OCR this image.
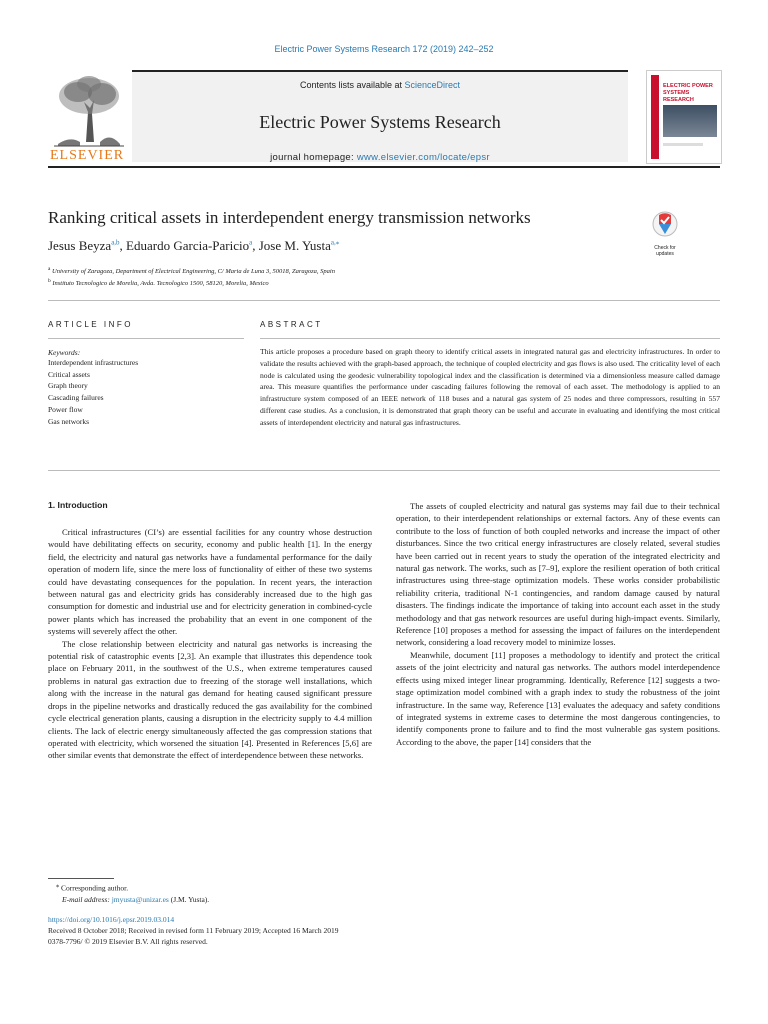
Electric Power Systems Research 172 (2019) 242–252
ELSEVIER
Contents lists available at ScienceDirect
Electric Power Systems Research
journal homepage: www.elsevier.com/locate/epsr
ELECTRIC POWER
SYSTEMS RESEARCH
Ranking critical assets in interdependent energy transmission networks
Check for updates
Jesus Beyza$^{a,b}$, Eduardo Garcia-Paricio$^a$, Jose M. Yusta$^{a,⁎}$
$^a$ University of Zaragoza, Department of Electrical Engineering, C/ Maria de Luna 3, 50018, Zaragoza, Spain
$^b$ Instituto Tecnologico de Morelia, Avda. Tecnologico 1500, 58120, Morelia, Mexico
ARTICLE INFO	ABSTRACT
Keywords:
Interdependent infrastructures
Critical assets
Graph theory
Cascading failures
Power flow
Gas networks
This article proposes a procedure based on graph theory to identify critical assets in integrated natural gas and electricity infrastructures. In order to validate the results achieved with the graph-based approach, the technique of coupled electricity and gas flows is also used. The criticality level of each node is calculated using the geodesic vulnerability topological index and the classification is determined via a dimensionless measure called damage area. This measure quantifies the performance under cascading failures following the removal of each asset. The methodology is applied to an infrastructure system composed of an IEEE network of 118 buses and a natural gas system of 25 nodes and three compressors, resulting in 557 different case studies. As a conclusion, it is demonstrated that graph theory can be useful and accurate in evaluating and identifying the most critical assets of interdependent electricity and natural gas infrastructures.
1. Introduction

Critical infrastructures (CI’s) are essential facilities for any country whose destruction would have debilitating effects on security, economy and public health [1]. In the energy field, the electricity and natural gas networks have a fundamental performance for the daily operation of modern life, since the mere loss of functionality of either of these two systems could have devastating consequences for the population. In recent years, the interaction between natural gas and electricity grids has considerably increased due to the high gas consumption for domestic and industrial use and for electricity generation in combined-cycle power plants which has increased the probability that an event in one component of the systems will severely affect the other.

The close relationship between electricity and natural gas networks is increasing the potential risk of catastrophic events [2,3]. An example that illustrates this dependence took place on February 2011, in the southwest of the U.S., when extreme temperatures caused problems in natural gas extraction due to freezing of the storage well installations, which along with the increase in the natural gas demand for heating caused significant pressure drops in the pipeline networks and drastically reduced the gas availability for the combined cycle electrical generation plants, causing a disruption in the electricity supply to 4.4 million clients. The lack of electric energy simultaneously affected the gas compression stations that operated with electricity, which worsened the situation [4]. Presented in References [5,6] are other similar events that demonstrate the effect of interdependence between these networks.

The assets of coupled electricity and natural gas systems may fail due to their technical operation, to their interdependent relationships or external factors. Any of these events can contribute to the loss of function of both coupled networks and increase the impact of other disturbances. Since the two critical energy infrastructures are closely related, several studies have been carried out in recent years to study the operation of the integrated electricity and natural gas network. The works, such as [7–9], explore the resilient operation of both critical infrastructures using three-stage optimization models. These works consider probabilistic reliability criteria, traditional N-1 contingencies, and random damage caused by natural disasters. The findings indicate the importance of taking into account each asset in the study methodology and that gas network resources are useful during high-impact events. Similarly, Reference [10] proposes a method for assessing the impact of failures on the interdependent network, considering a load recovery model to minimize losses.

Meanwhile, document [11] proposes a methodology to identify and protect the critical assets of the joint electricity and natural gas networks. The authors model interdependence effects using mixed integer linear programming. Identically, Reference [12] suggests a two-stage optimization model combined with a graph index to study the robustness of the joint infrastructure. In the same way, Reference [13] evaluates the adequacy and safety conditions of integrated systems in extreme cases to determine the most dangerous contingencies, to identify components prone to failure and to find the most vulnerable gas system positions. According to the above, the paper [14] considers that the

⁎ Corresponding author.
E-mail address: jmyusta@unizar.es (J.M. Yusta).
https://doi.org/10.1016/j.epsr.2019.03.014
Received 8 October 2018; Received in revised form 11 February 2019; Accepted 16 March 2019
0378-7796/ © 2019 Elsevier B.V. All rights reserved.
